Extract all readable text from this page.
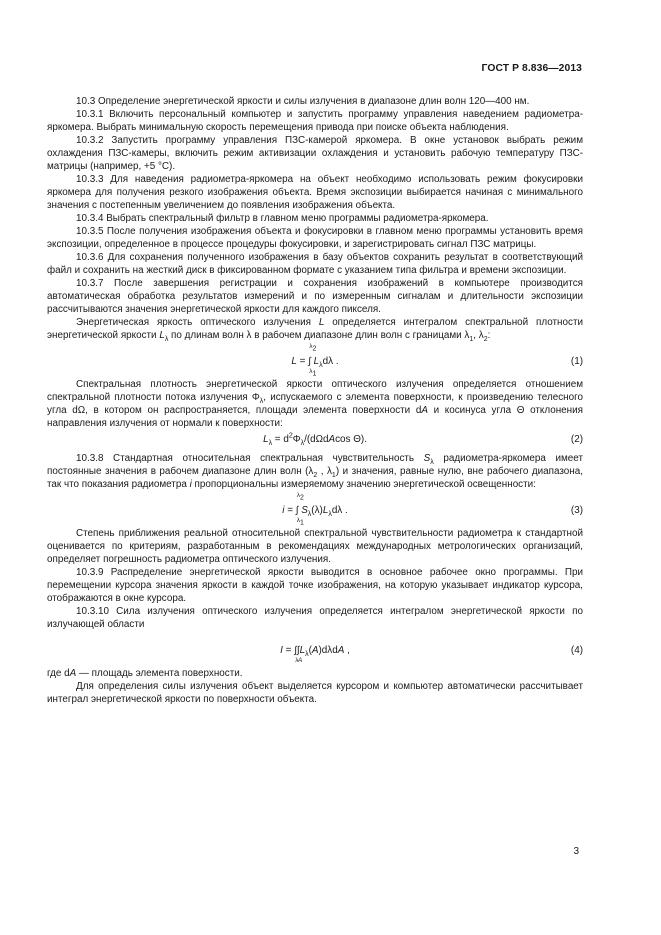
ГОСТ Р 8.836—2013

10.3 Определение энергетической яркости и силы излучения в диапазоне длин волн 120—400 нм.

10.3.1 Включить персональный компьютер и запустить программу управления наведением радиометра-яркомера. Выбрать минимальную скорость перемещения привода при поиске объекта наблюдения.

10.3.2 Запустить программу управления ПЗС-камерой яркомера. В окне установок выбрать режим охлаждения ПЗС-камеры, включить режим активизации охлаждения и установить рабочую температуру ПЗС-матрицы (например, +5 °С).

10.3.3 Для наведения радиометра-яркомера на объект необходимо использовать режим фокусировки яркомера для получения резкого изображения объекта. Время экспозиции выбирается начиная с минимального значения с постепенным увеличением до появления изображения объекта.

10.3.4 Выбрать спектральный фильтр в главном меню программы радиометра-яркомера.

10.3.5 После получения изображения объекта и фокусировки в главном меню программы установить время экспозиции, определенное в процессе процедуры фокусировки, и зарегистрировать сигнал ПЗС матрицы.

10.3.6 Для сохранения полученного изображения в базу объектов сохранить результат в соответствующий файл и сохранить на жесткий диск в фиксированном формате с указанием типа фильтра и времени экспозиции.

10.3.7 После завершения регистрации и сохранения изображений в компьютере производится автоматическая обработка результатов измерений и по измеренным сигналам и длительности экспозиции рассчитываются значения энергетической яркости для каждого пикселя.

Энергетическая яркость оптического излучения L определяется интегралом спектральной плотности энергетической яркости $L_\lambda$ по длинам волн λ в рабочем диапазоне длин волн с границами $\lambda_1$, $\lambda_2$:

L = ∫
$\lambda_2$
$\lambda_1$
$L_\lambda d\lambda$ .	(1)

Спектральная плотность энергетической яркости оптического излучения определяется отношением спектральной плотности потока излучения $\Phi_\lambda$, испускаемого с элемента поверхности, к произведению телесного угла dΩ, в котором он распространяется, площади элемента поверхности dA и косинуса угла Θ отклонения направления излучения от нормали к поверхности:

$L_\lambda = d^2\Phi_\lambda/(d\Omega dAcos$ Θ).	(2)

10.3.8 Стандартная относительная спектральная чувствительность $S_\lambda$ радиометра-яркомера имеет постоянные значения в рабочем диапазоне длин волн ($\lambda_2$ , $\lambda_1$) и значения, равные нулю, вне рабочего диапазона, так что показания радиометра i пропорциональны измеряемому значению энергетической освещенности:

i = ∫
$\lambda_2$
$\lambda_1$
$S_\lambda(\lambda)L_\lambda d\lambda$ .	(3)

Степень приближения реальной относительной спектральной чувствительности радиометра к стандартной оценивается по критериям, разработанным в рекомендациях международных метрологических организаций, определяет погрешность радиометра оптического излучения.

10.3.9 Распределение энергетической яркости выводится в основное рабочее окно программы. При перемещении курсора значения яркости в каждой точке изображения, на которую указывает индикатор курсора, отображаются в окне курсора.

10.3.10 Сила излучения оптического излучения определяется интегралом энергетической яркости по излучающей области

I = ∫
λ
∫
A
$L_\lambda(A)d\lambda dA$ ,	(4)

где dA — площадь элемента поверхности.

Для определения силы излучения объект выделяется курсором и компьютер автоматически рассчитывает интеграл энергетической яркости по поверхности объекта.

3
